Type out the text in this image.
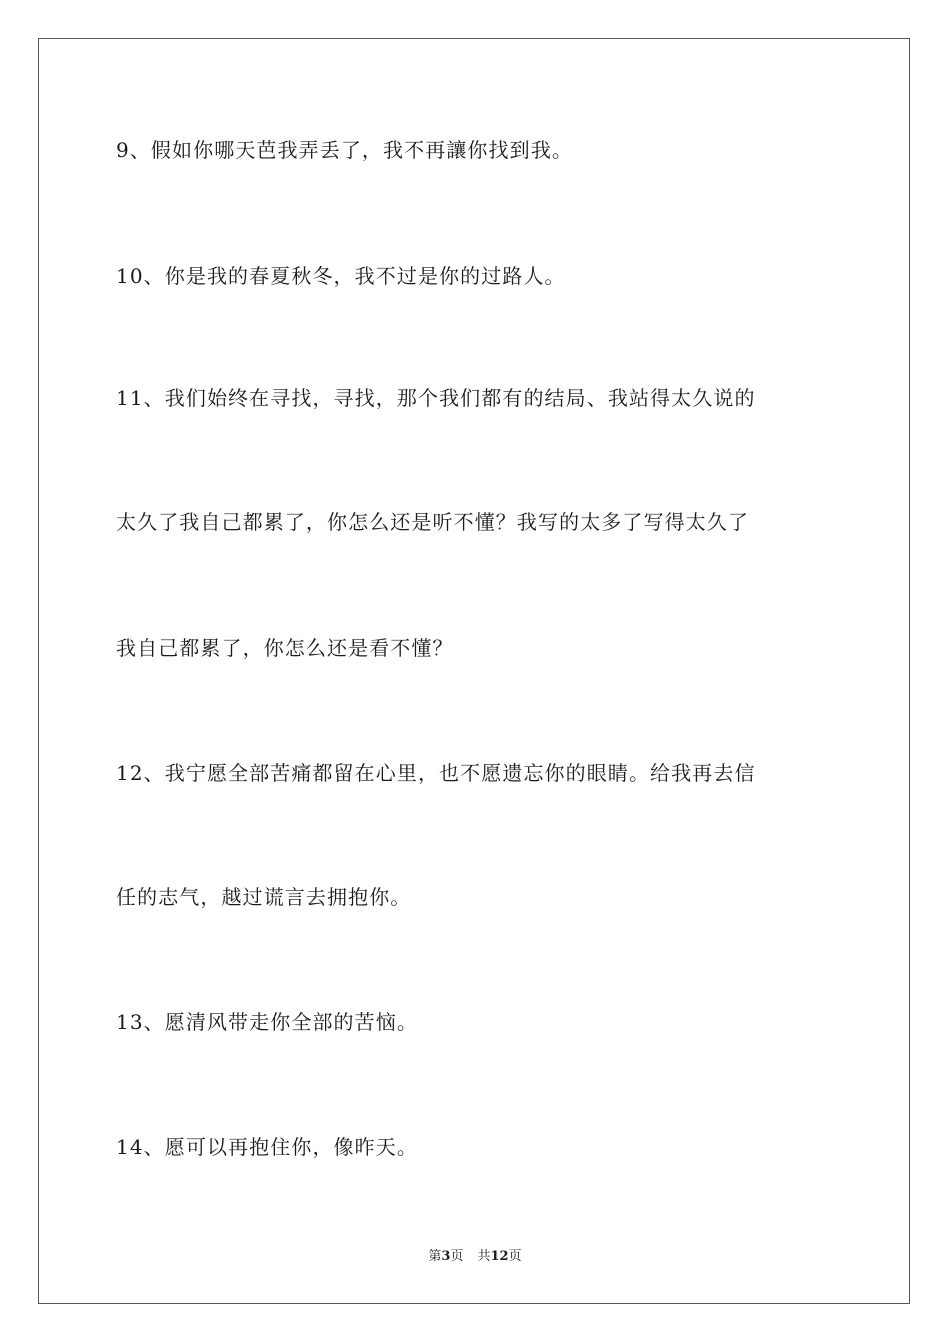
9、假如你哪天芭我弄丢了，我不再讓你找到我。
10、你是我的春夏秋冬，我不过是你的过路人。
11、我们始终在寻找，寻找，那个我们都有的结局、我站得太久说的
太久了我自己都累了，你怎么还是听不懂？我写的太多了写得太久了
我自己都累了，你怎么还是看不懂？
12、我宁愿全部苦痛都留在心里，也不愿遗忘你的眼睛。给我再去信
任的志气，越过谎言去拥抱你。
13、愿清风带走你全部的苦恼。
14、愿可以再抱住你，像昨天。
第3页 共12页
